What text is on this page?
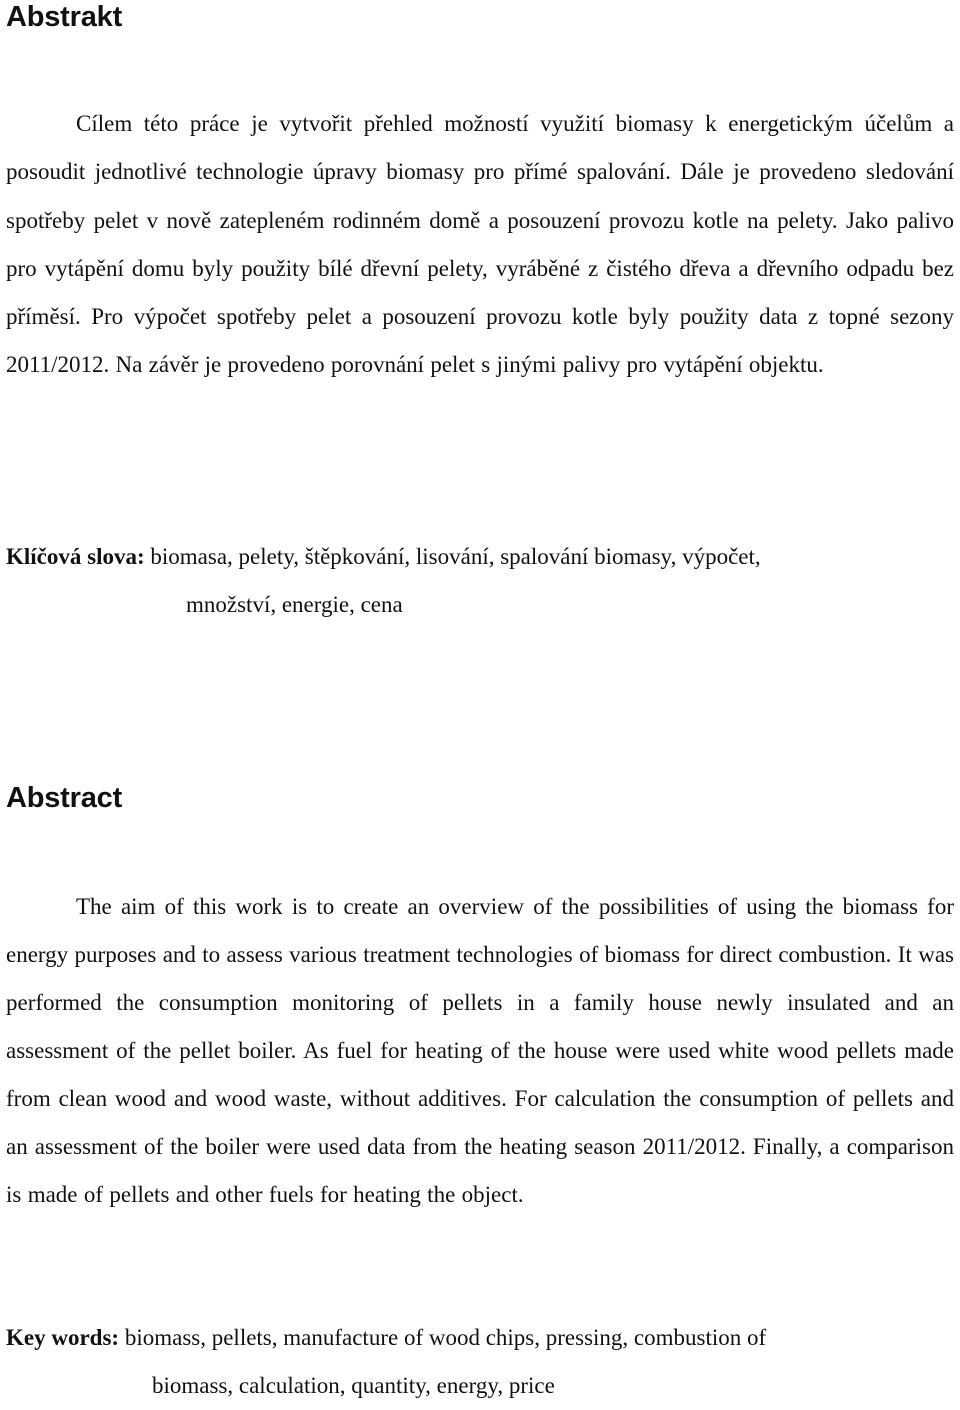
Abstrakt

Cílem této práce je vytvořit přehled možností využití biomasy k energetickým účelům a posoudit jednotlivé technologie úpravy biomasy pro přímé spalování. Dále je provedeno sledování spotřeby pelet v nově zatepleném rodinném domě a posouzení provozu kotle na pelety. Jako palivo pro vytápění domu byly použity bílé dřevní pelety, vyráběné z čistého dřeva a dřevního odpadu bez příměsí. Pro výpočet spotřeby pelet a posouzení provozu kotle byly použity data z topné sezony 2011/2012. Na závěr je provedeno porovnání pelet s jinými palivy pro vytápění objektu.

Klíčová slova: biomasa, pelety, štěpkování, lisování, spalování biomasy, výpočet,
množství, energie, cena
Abstract

The aim of this work is to create an overview of the possibilities of using the biomass for energy purposes and to assess various treatment technologies of biomass for direct combustion. It was performed the consumption monitoring of pellets in a family house newly insulated and an assessment of the pellet boiler. As fuel for heating of the house were used white wood pellets made from clean wood and wood waste, without additives. For calculation the consumption of pellets and an assessment of the boiler were used data from the heating season 2011/2012. Finally, a comparison is made of pellets and other fuels for heating the object.

Key words: biomass, pellets, manufacture of wood chips, pressing, combustion of
biomass, calculation, quantity, energy, price
